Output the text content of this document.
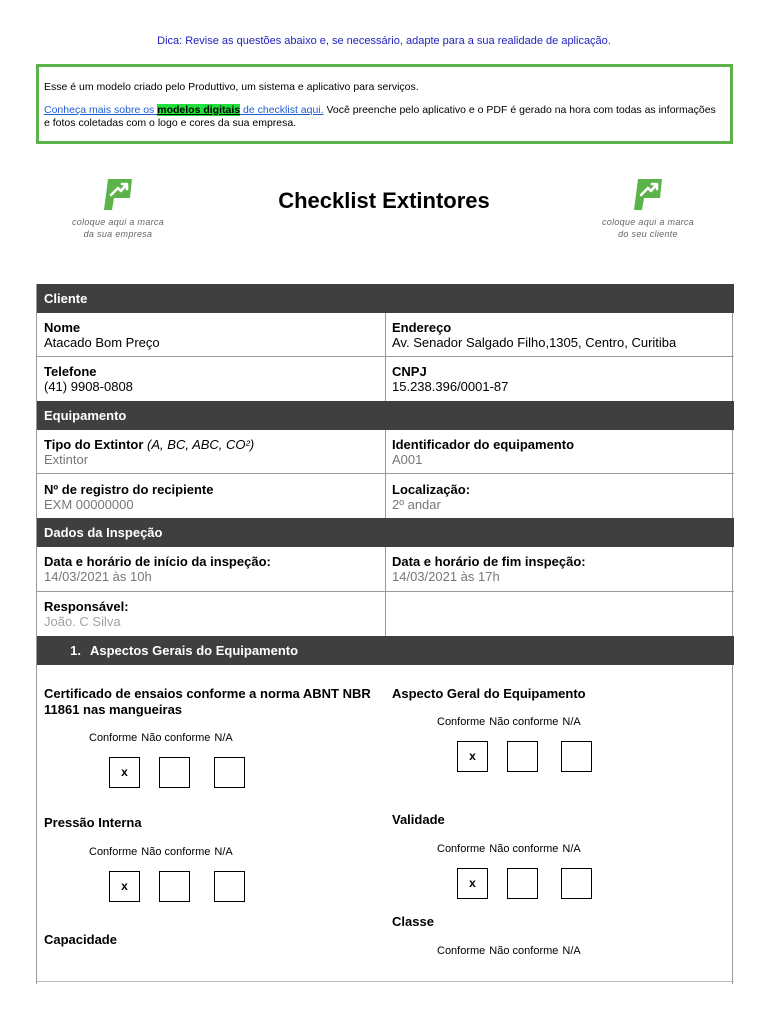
Dica: Revise as questões abaixo e, se necessário, adapte para a sua realidade de aplicação.

Esse é um modelo criado pelo Produttivo, um sistema e aplicativo para serviços.

Conheça mais sobre os modelos digitais de checklist aqui. Você preenche pelo aplicativo e o PDF é gerado na hora com todas as informações e fotos coletadas com o logo e cores da sua empresa.

coloque aqui a marca
da sua empresa
Checklist Extintores
coloque aqui a marca
do seu cliente
Cliente
Nome
Atacado Bom Preço
Endereço
Av. Senador Salgado Filho,1305, Centro, Curitiba
Telefone
(41) 9908-0808
CNPJ
15.238.396/0001-87
Equipamento
Tipo do Extintor (A, BC, ABC, CO²)
Extintor
Identificador do equipamento
A001
Nº de registro do recipiente
EXM 00000000
Localização:
2º andar
Dados da Inspeção
Data e horário de início da inspeção:
14/03/2021 às 10h
Data e horário de fim inspeção:
14/03/2021 às 17h
Responsável:
João. C Silva
1. Aspectos Gerais do Equipamento
Certificado de ensaios conforme a norma ABNT NBR 11861 nas mangueiras
Conforme Não conforme N/A
x
Aspecto Geral do Equipamento
Conforme Não conforme N/A
x
Pressão Interna
Conforme Não conforme N/A
x
Validade
Conforme Não conforme N/A
x
Classe
Conforme Não conforme N/A
Capacidade
